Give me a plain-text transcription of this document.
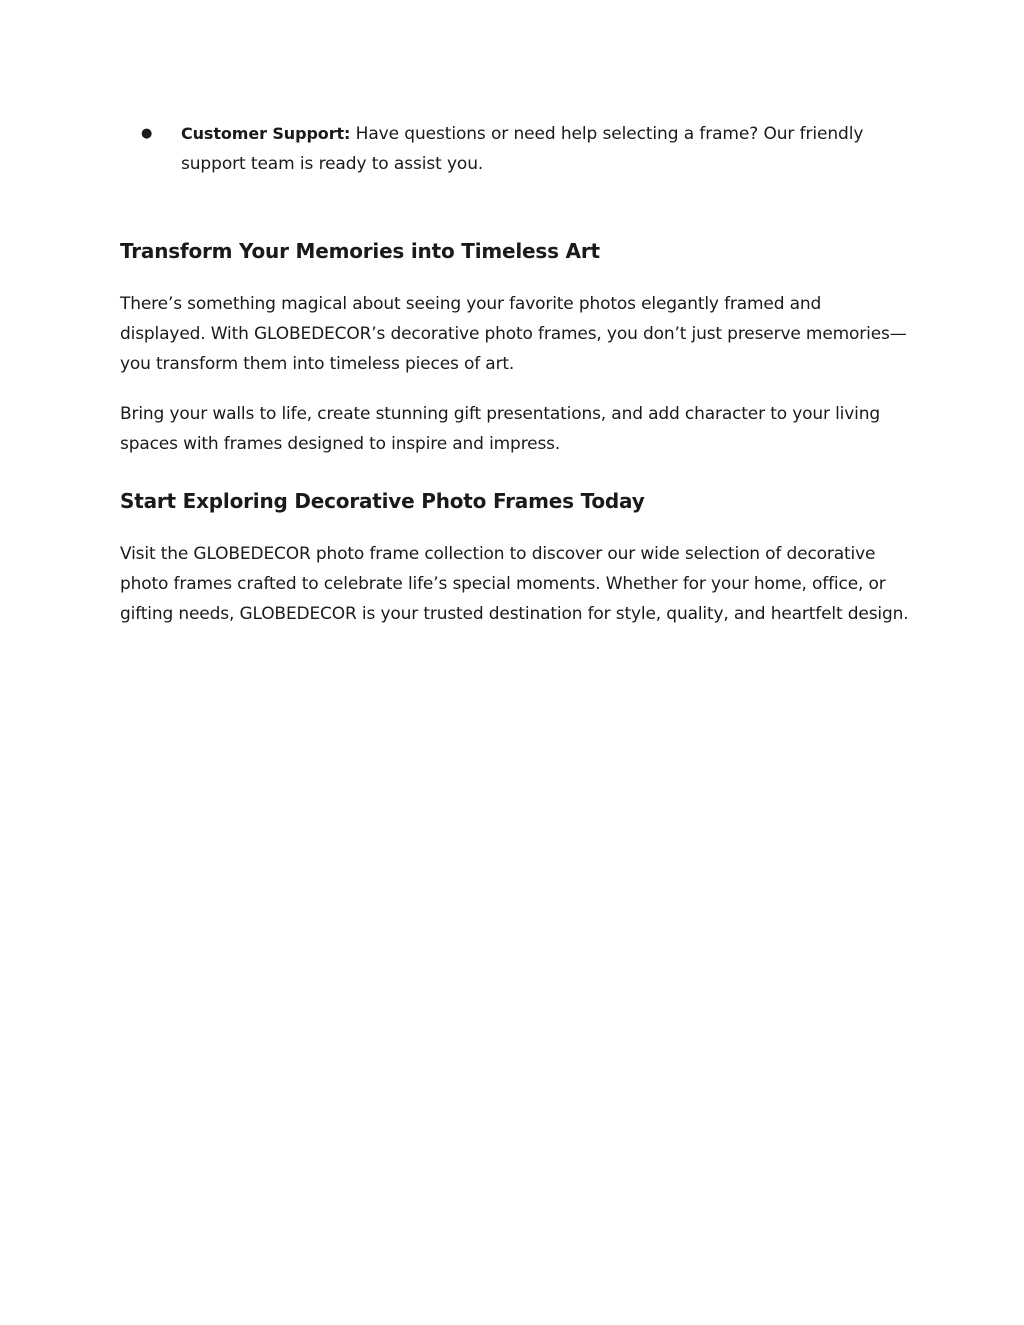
● Customer Support: Have questions or need help selecting a frame? Our friendly support team is ready to assist you.
Transform Your Memories into Timeless Art

There’s something magical about seeing your favorite photos elegantly framed and displayed. With GLOBEDECOR’s decorative photo frames, you don’t just preserve memories—you transform them into timeless pieces of art.

Bring your walls to life, create stunning gift presentations, and add character to your living spaces with frames designed to inspire and impress.

Start Exploring Decorative Photo Frames Today

Visit the GLOBEDECOR photo frame collection to discover our wide selection of decorative photo frames crafted to celebrate life’s special moments. Whether for your home, office, or gifting needs, GLOBEDECOR is your trusted destination for style, quality, and heartfelt design.
